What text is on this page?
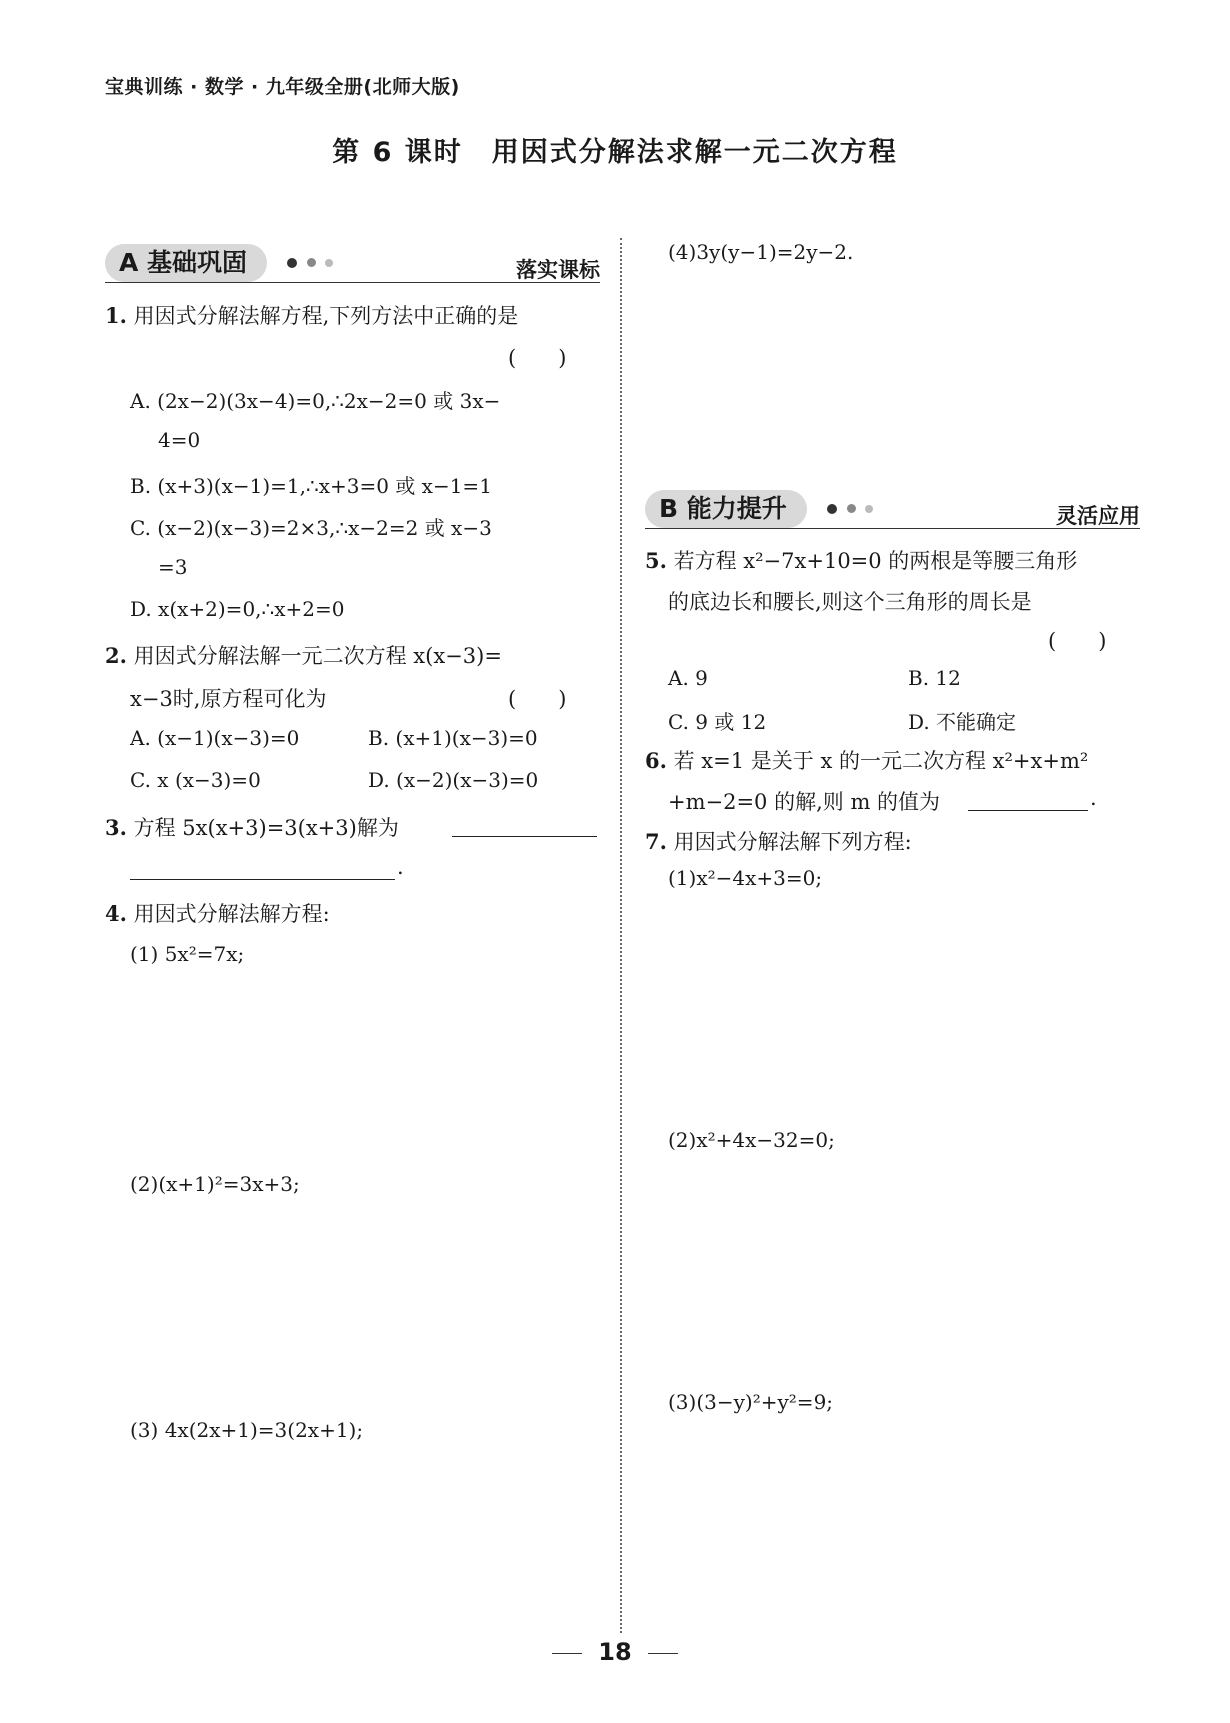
宝典训练 · 数学 · 九年级全册(北师大版)
第 6 课时　用因式分解法求解一元二次方程
A 基础巩固	落实课标
1. 用因式分解法解方程,下列方法中正确的是
(　　)
A. (2x−2)(3x−4)=0,∴2x−2=0 或 3x−
4=0
B. (x+3)(x−1)=1,∴x+3=0 或 x−1=1
C. (x−2)(x−3)=2×3,∴x−2=2 或 x−3
=3
D. x(x+2)=0,∴x+2=0
2. 用因式分解法解一元二次方程 x(x−3)=
x−3时,原方程可化为	(　　)
A. (x−1)(x−3)=0	B. (x+1)(x−3)=0
C. x (x−3)=0	D. (x−2)(x−3)=0
3. 方程 5x(x+3)=3(x+3)解为
.
4. 用因式分解法解方程:
(1) 5x²=7x;
(2)(x+1)²=3x+3;
(3) 4x(2x+1)=3(2x+1);
(4)3y(y−1)=2y−2.
B 能力提升	灵活应用
5. 若方程 x²−7x+10=0 的两根是等腰三角形
的底边长和腰长,则这个三角形的周长是
(　　)
A. 9	B. 12
C. 9 或 12	D. 不能确定
6. 若 x=1 是关于 x 的一元二次方程 x²+x+m²
+m−2=0 的解,则 m 的值为	.
7. 用因式分解法解下列方程:
(1)x²−4x+3=0;
(2)x²+4x−32=0;
(3)(3−y)²+y²=9;
18
